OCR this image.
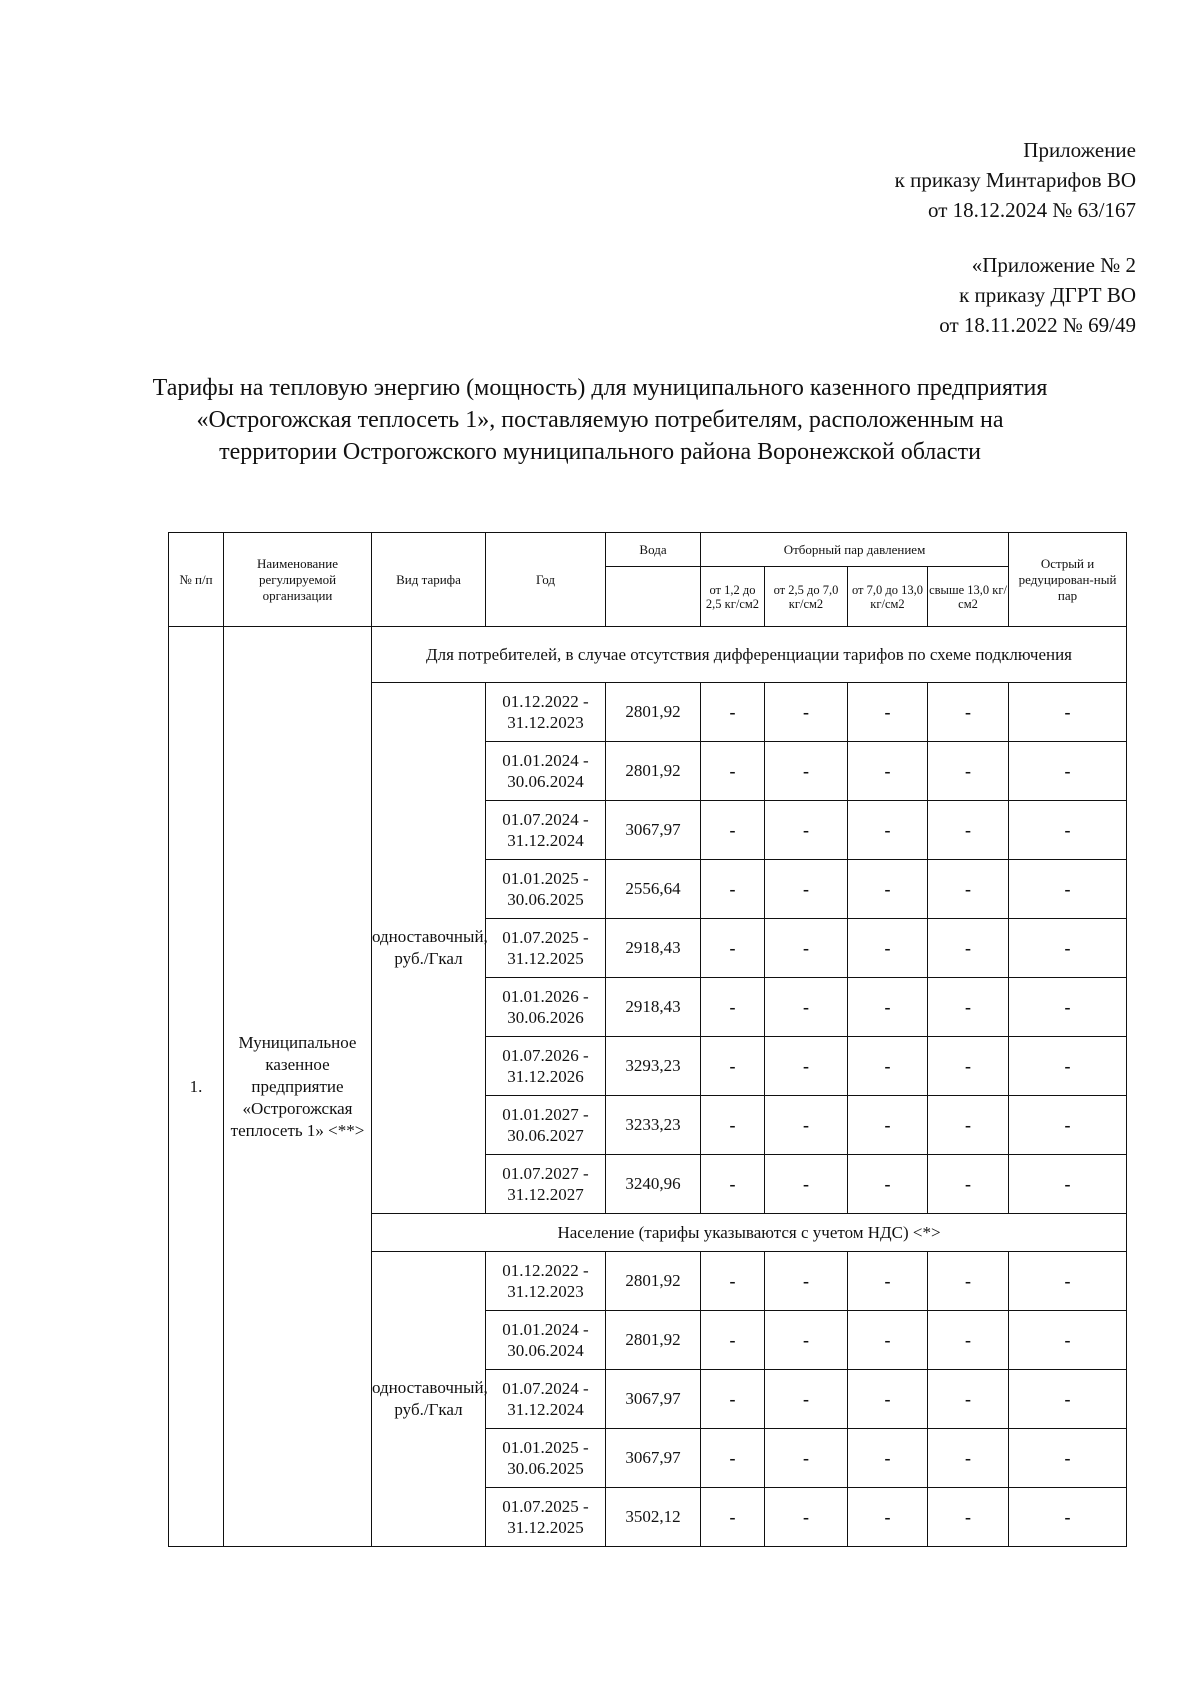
Приложение
к приказу Минтарифов ВО
от 18.12.2024 № 63/167
«Приложение № 2
к приказу ДГРТ ВО
от 18.11.2022 № 69/49
Тарифы на тепловую энергию (мощность) для муниципального казенного предприятия «Острогожская теплосеть 1», поставляемую потребителям, расположенным на территории Острогожского муниципального района Воронежской области
№ п/п	Наименование регулируемой организации	Вид тарифа	Год	Вода	Отборный пар давлением				Острый и редуцирован-ный пар
					от 1,2 до 2,5 кг/см2	от 2,5 до 7,0 кг/см2	от 7,0 до 13,0 кг/см2	свыше 13,0 кг/см2	
1.	Муниципальное казенное предприятие «Острогожская теплосеть 1» <**>	Для потребителей, в случае отсутствия дифференциации тарифов по схеме подключения							
		одноставочный, руб./Гкал	01.12.2022 - 31.12.2023	2801,92	-	-	-	-	-
			01.01.2024 - 30.06.2024	2801,92	-	-	-	-	-
			01.07.2024 - 31.12.2024	3067,97	-	-	-	-	-
			01.01.2025 - 30.06.2025	2556,64	-	-	-	-	-
			01.07.2025 - 31.12.2025	2918,43	-	-	-	-	-
			01.01.2026 - 30.06.2026	2918,43	-	-	-	-	-
			01.07.2026 - 31.12.2026	3293,23	-	-	-	-	-
			01.01.2027 - 30.06.2027	3233,23	-	-	-	-	-
			01.07.2027 - 31.12.2027	3240,96	-	-	-	-	-
		Население (тарифы указываются с учетом НДС) <*>							
		одноставочный, руб./Гкал	01.12.2022 - 31.12.2023	2801,92	-	-	-	-	-
			01.01.2024 - 30.06.2024	2801,92	-	-	-	-	-
			01.07.2024 - 31.12.2024	3067,97	-	-	-	-	-
			01.01.2025 - 30.06.2025	3067,97	-	-	-	-	-
			01.07.2025 - 31.12.2025	3502,12	-	-	-	-	-
